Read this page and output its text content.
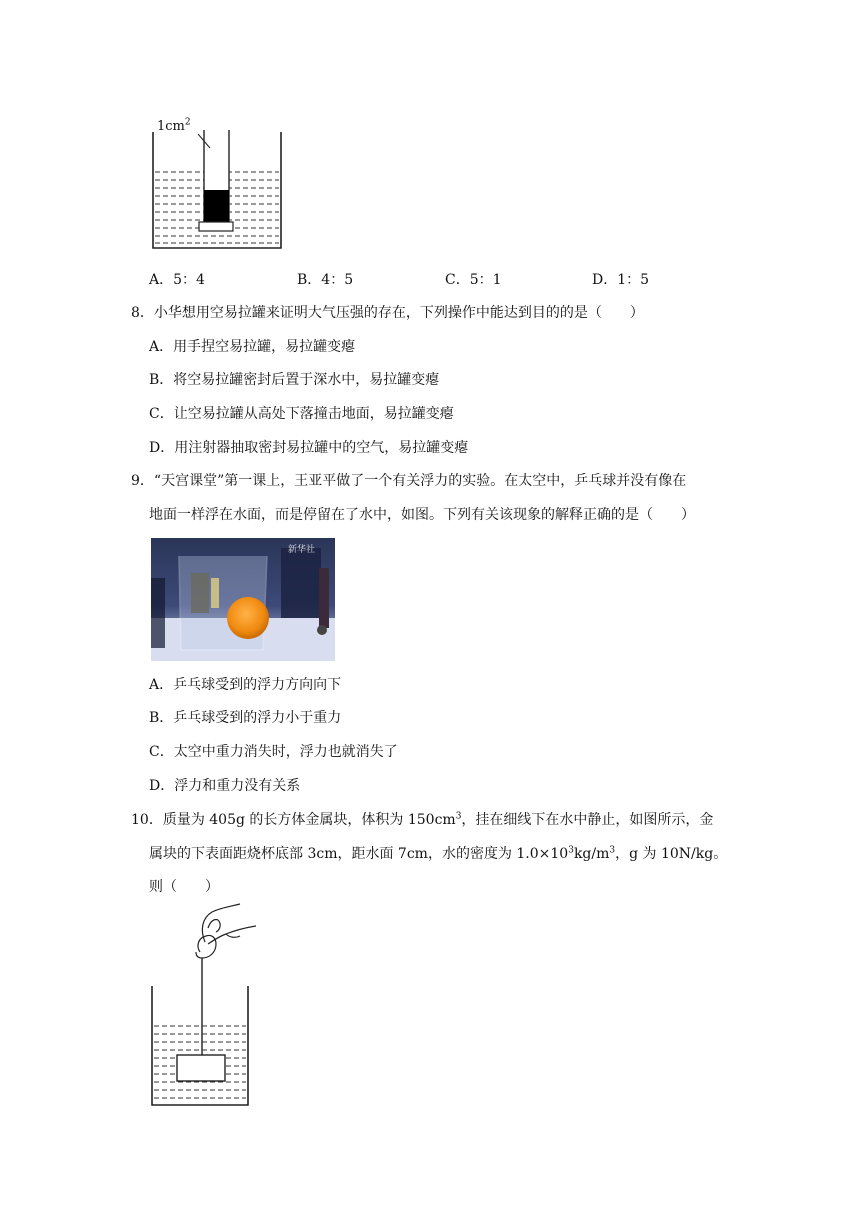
$1cm^2$
A．5：4	B．4：5	C．5：1	D．1：5
8．小华想用空易拉罐来证明大气压强的存在，下列操作中能达到目的的是（　　）
A．用手捏空易拉罐，易拉罐变瘪
B．将空易拉罐密封后置于深水中，易拉罐变瘪
C．让空易拉罐从高处下落撞击地面，易拉罐变瘪
D．用注射器抽取密封易拉罐中的空气，易拉罐变瘪
9．“天宫课堂”第一课上，王亚平做了一个有关浮力的实验。在太空中，乒乓球并没有像在
地面一样浮在水面，而是停留在了水中，如图。下列有关该现象的解释正确的是（　　）
新华社
A．乒乓球受到的浮力方向向下
B．乒乓球受到的浮力小于重力
C．太空中重力消失时，浮力也就消失了
D．浮力和重力没有关系
10．质量为 405g 的长方体金属块，体积为 $150cm^3$，挂在细线下在水中静止，如图所示，金
属块的下表面距烧杯底部 3cm，距水面 7cm，水的密度为 $1.0\times 10^3kg/m^3$，g 为 10N/kg。
则（　　）
